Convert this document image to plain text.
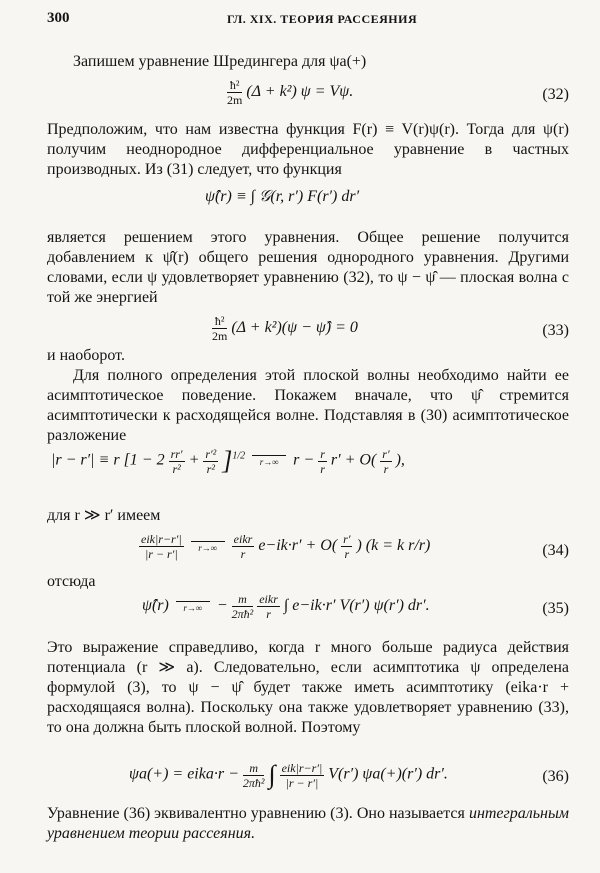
300	ГЛ. XIX. ТЕОРИЯ РАССЕЯНИЯ
Запишем уравнение Шредингера для ψa(+)
$\frac{\text{ħ²}}{2m} (\Delta + k^2) \psi = V\psi$.	(32)
Предположим, что нам известна функция F(r) ≡ V(r)ψ(r). Тогда для ψ(r) получим неоднородное дифференциальное уравнение в частных производных. Из (31) следует, что функция
ψ̂(r) ≡ ∫ 𝒢(r, r′) F(r′) dr′
является решением этого уравнения. Общее решение получится добавлением к ψ̂(r) общего решения однородного уравнения. Другими словами, если ψ удовлетворяет уравнению (32), то ψ − ψ̂ — плоская волна с той же энергией
$\frac{\text{ħ²}}{2m} (\Delta + k^2)(\psi$ − ψ̂) = 0	(33)
и наоборот.
Для полного определения этой плоской волны необходимо найти ее асимптотическое поведение. Покажем вначале, что ψ̂ стремится асимптотически к расходящейся волне. Подставляя в (30) асимптотическое разложение
|r − r′| ≡ r $[1 - 2 \frac{rr'}{\text{r²}} + \frac{\text{r′²}}{\text{r²}} ]^{1/2}$
r→∞ $r - \frac{r}{r} r' + O( \frac{r'}{r}$ ),
для r ≫ r′ имеем
$\frac{\text{eik|r−r′|}}{|r - r'|}$
$r\to\infty \frac{\text{eikr}}{r} e-ik\cdot r' + O( \frac{r'}{r}$ ) (k = k r/r)	(34)
отсюда
ψ̂(r) $r\to\infty - \frac{m}{\text{2πħ²}}$
$\frac{\text{eikr}}{r}$ ∫ e−ik·r′ V(r′) ψ(r′) dr′.	(35)
Это выражение справедливо, когда r много больше радиуса действия потенциала (r ≫ a). Следовательно, если асимптотика ψ определена формулой (3), то ψ − ψ̂ будет также иметь асимптотику (eika·r + расходящаяся волна). Поскольку она также удовлетворяет уравнению (33), то она должна быть плоской волной. Поэтому
ψa(+) = eika·r − $\frac{m}{\text{2πħ²}}$ ∫ $\frac{\text{eik|r−r′|}}{|r - r'|} V(r')$ ψa(+)(r′) dr′.	(36)
Уравнение (36) эквивалентно уравнению (3). Оно называется интегральным уравнением теории рассеяния.
